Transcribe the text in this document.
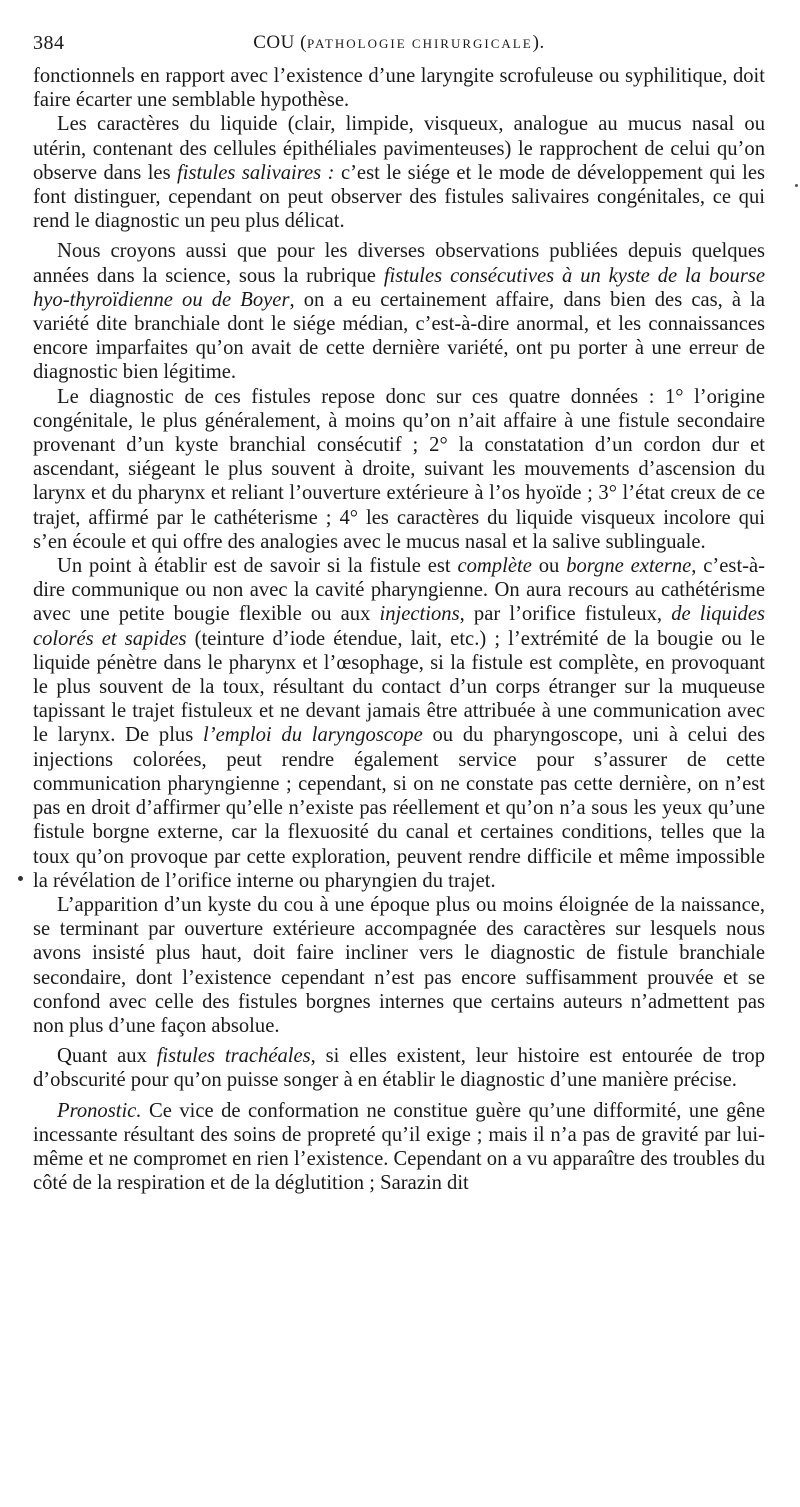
384	COU (PATHOLOGIE CHIRURGICALE).

fonctionnels en rapport avec l’existence d’une laryngite scrofuleuse ou syphilitique, doit faire écarter une semblable hypothèse.

Les caractères du liquide (clair, limpide, visqueux, analogue au mucus nasal ou utérin, contenant des cellules épithéliales pavimenteuses) le rapprochent de celui qu’on observe dans les fistules salivaires : c’est le siége et le mode de développement qui les font distinguer, cependant on peut observer des fistules salivaires congénitales, ce qui rend le diagnostic un peu plus délicat.

Nous croyons aussi que pour les diverses observations publiées depuis quelques années dans la science, sous la rubrique fistules consécutives à un kyste de la bourse hyo-thyroïdienne ou de Boyer, on a eu certainement affaire, dans bien des cas, à la variété dite branchiale dont le siége médian, c’est-à-dire anormal, et les connaissances encore imparfaites qu’on avait de cette dernière variété, ont pu porter à une erreur de diagnostic bien légitime.

Le diagnostic de ces fistules repose donc sur ces quatre données : 1° l’origine congénitale, le plus généralement, à moins qu’on n’ait affaire à une fistule secondaire provenant d’un kyste branchial consécutif ; 2° la constatation d’un cordon dur et ascendant, siégeant le plus souvent à droite, suivant les mouvements d’ascension du larynx et du pharynx et reliant l’ouverture extérieure à l’os hyoïde ; 3° l’état creux de ce trajet, affirmé par le cathéterisme ; 4° les caractères du liquide visqueux incolore qui s’en écoule et qui offre des analogies avec le mucus nasal et la salive sublinguale.

Un point à établir est de savoir si la fistule est complète ou borgne externe, c’est-à-dire communique ou non avec la cavité pharyngienne. On aura recours au cathétérisme avec une petite bougie flexible ou aux injections, par l’orifice fistuleux, de liquides colorés et sapides (teinture d’iode étendue, lait, etc.) ; l’extrémité de la bougie ou le liquide pénètre dans le pharynx et l’œsophage, si la fistule est complète, en provoquant le plus souvent de la toux, résultant du contact d’un corps étranger sur la muqueuse tapissant le trajet fistuleux et ne devant jamais être attribuée à une communication avec le larynx. De plus l’emploi du laryngoscope ou du pharyngoscope, uni à celui des injections colorées, peut rendre également service pour s’assurer de cette communication pharyngienne ; cependant, si on ne constate pas cette dernière, on n’est pas en droit d’affirmer qu’elle n’existe pas réellement et qu’on n’a sous les yeux qu’une fistule borgne externe, car la flexuosité du canal et certaines conditions, telles que la toux qu’on provoque par cette exploration, peuvent rendre difficile et même impossible la révélation de l’orifice interne ou pharyngien du trajet.

L’apparition d’un kyste du cou à une époque plus ou moins éloignée de la naissance, se terminant par ouverture extérieure accompagnée des caractères sur lesquels nous avons insisté plus haut, doit faire incliner vers le diagnostic de fistule branchiale secondaire, dont l’existence cependant n’est pas encore suffisamment prouvée et se confond avec celle des fistules borgnes internes que certains auteurs n’admettent pas non plus d’une façon absolue.

Quant aux fistules trachéales, si elles existent, leur histoire est entourée de trop d’obscurité pour qu’on puisse songer à en établir le diagnostic d’une manière précise.

Pronostic. Ce vice de conformation ne constitue guère qu’une difformité, une gêne incessante résultant des soins de propreté qu’il exige ; mais il n’a pas de gravité par lui-même et ne compromet en rien l’existence. Cependant on a vu apparaître des troubles du côté de la respiration et de la déglutition ; Sarazin dit
